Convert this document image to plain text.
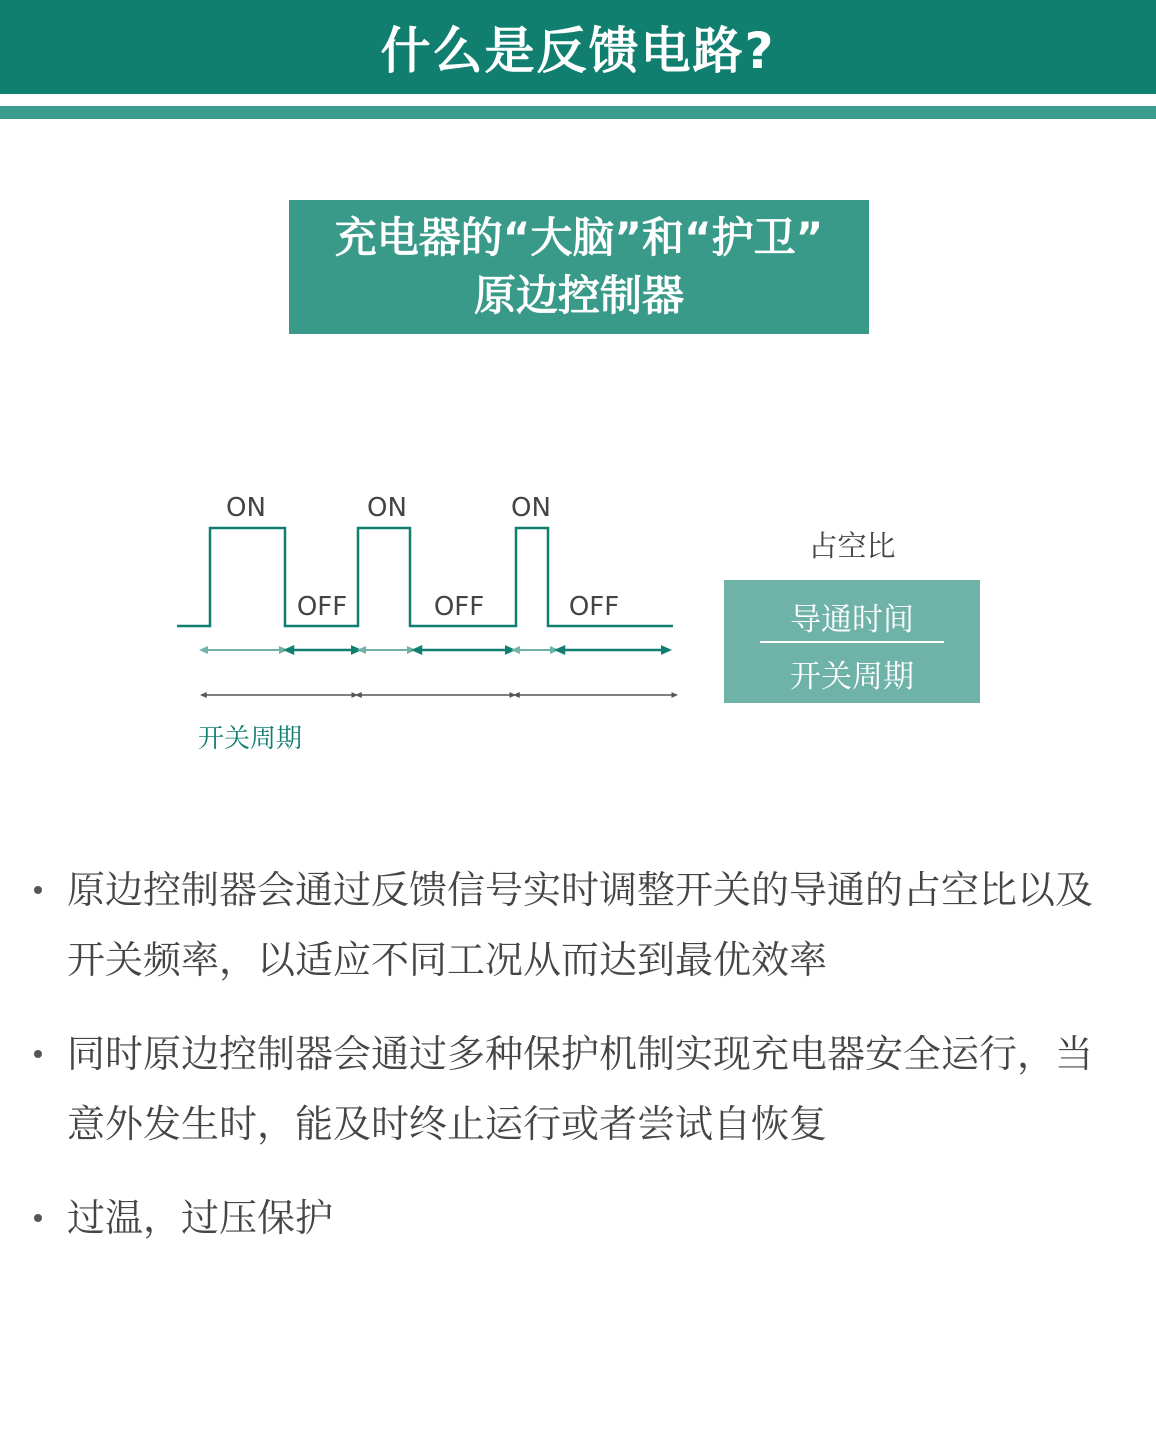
什么是反馈电路?
充电器的“大脑”和“护卫”
原边控制器
ON	ON	ON
OFF	OFF	OFF
开关周期
占空比
导通时间
开关周期
原边控制器会通过反馈信号实时调整开关的导通的占空比以及开关频率，以适应不同工况从而达到最优效率
同时原边控制器会通过多种保护机制实现充电器安全运行，当意外发生时，能及时终止运行或者尝试自恢复
过温，过压保护
